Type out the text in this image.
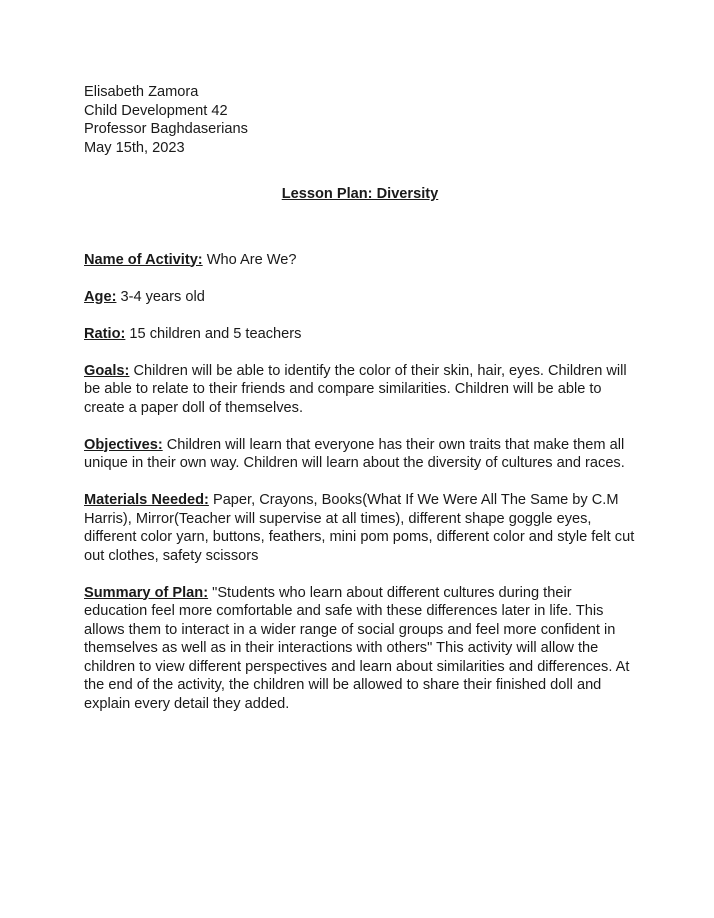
Elisabeth Zamora

Child Development 42

Professor Baghdaserians

May 15th, 2023

Lesson Plan: Diversity

Name of Activity: Who Are We?

Age: 3-4 years old

Ratio: 15 children and 5 teachers

Goals: Children will be able to identify the color of their skin, hair, eyes. Children will be able to relate to their friends and compare similarities. Children will be able to create a paper doll of themselves.

Objectives: Children will learn that everyone has their own traits that make them all unique in their own way. Children will learn about the diversity of cultures and races.

Materials Needed: Paper, Crayons, Books(What If We Were All The Same by C.M Harris), Mirror(Teacher will supervise at all times), different shape goggle eyes, different color yarn, buttons, feathers, mini pom poms, different color and style felt cut out clothes, safety scissors

Summary of Plan: "Students who learn about different cultures during their education feel more comfortable and safe with these differences later in life. This allows them to interact in a wider range of social groups and feel more confident in themselves as well as in their interactions with others" This activity will allow the children to view different perspectives and learn about similarities and differences. At the end of the activity, the children will be allowed to share their finished doll and explain every detail they added.
